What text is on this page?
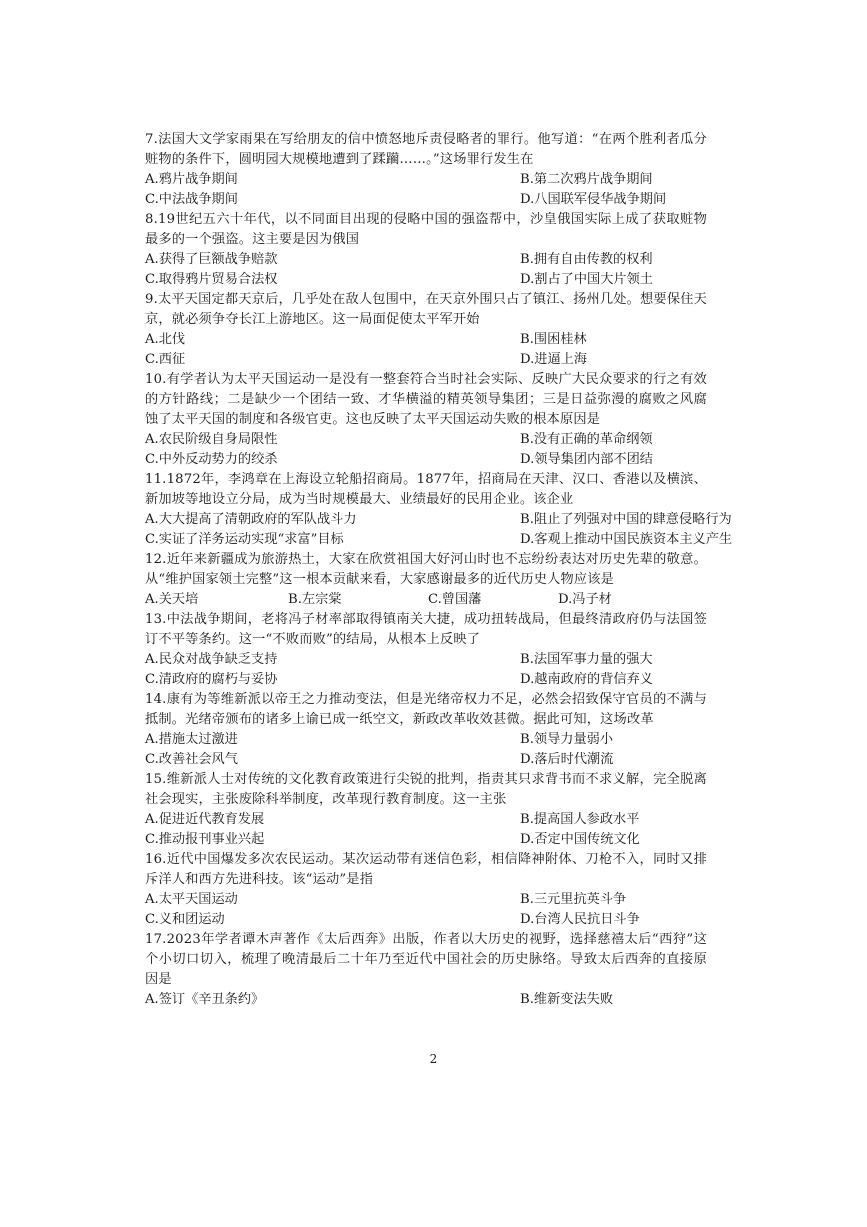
7.法国大文学家雨果在写给朋友的信中愤怒地斥责侵略者的罪行。他写道：“在两个胜利者瓜分赃物的条件下，圆明园大规模地遭到了蹂躏……。”这场罪行发生在

A.鸦片战争期间	B.第二次鸦片战争期间
C.中法战争期间	D.八国联军侵华战争期间

8.19世纪五六十年代，以不同面目出现的侵略中国的强盗帮中，沙皇俄国实际上成了获取赃物最多的一个强盗。这主要是因为俄国

A.获得了巨额战争赔款	B.拥有自由传教的权利
C.取得鸦片贸易合法权	D.割占了中国大片领土

9.太平天国定都天京后，几乎处在敌人包围中，在天京外围只占了镇江、扬州几处。想要保住天京，就必须争夺长江上游地区。这一局面促使太平军开始

A.北伐	B.围困桂林
C.西征	D.进逼上海

10.有学者认为太平天国运动一是没有一整套符合当时社会实际、反映广大民众要求的行之有效的方针路线；二是缺少一个团结一致、才华横溢的精英领导集团；三是日益弥漫的腐败之风腐蚀了太平天国的制度和各级官吏。这也反映了太平天国运动失败的根本原因是

A.农民阶级自身局限性	B.没有正确的革命纲领
C.中外反动势力的绞杀	D.领导集团内部不团结

11.1872年，李鸿章在上海设立轮船招商局。1877年，招商局在天津、汉口、香港以及横滨、新加坡等地设立分局，成为当时规模最大、业绩最好的民用企业。该企业

A.大大提高了清朝政府的军队战斗力	B.阻止了列强对中国的肆意侵略行为
C.实证了洋务运动实现“求富”目标	D.客观上推动中国民族资本主义产生

12.近年来新疆成为旅游热土，大家在欣赏祖国大好河山时也不忘纷纷表达对历史先辈的敬意。从“维护国家领土完整”这一根本贡献来看，大家感谢最多的近代历史人物应该是

A.关天培	B.左宗棠	C.曾国藩	D.冯子材

13.中法战争期间，老将冯子材率部取得镇南关大捷，成功扭转战局，但最终清政府仍与法国签订不平等条约。这一“不败而败”的结局，从根本上反映了

A.民众对战争缺乏支持	B.法国军事力量的强大
C.清政府的腐朽与妥协	D.越南政府的背信弃义

14.康有为等维新派以帝王之力推动变法，但是光绪帝权力不足，必然会招致保守官员的不满与抵制。光绪帝颁布的诸多上谕已成一纸空文，新政改革收效甚微。据此可知，这场改革

A.措施太过激进	B.领导力量弱小
C.改善社会风气	D.落后时代潮流

15.维新派人士对传统的文化教育政策进行尖锐的批判，指责其只求背书而不求义解，完全脱离社会现实，主张废除科举制度，改革现行教育制度。这一主张

A.促进近代教育发展	B.提高国人参政水平
C.推动报刊事业兴起	D.否定中国传统文化

16.近代中国爆发多次农民运动。某次运动带有迷信色彩，相信降神附体、刀枪不入，同时又排斥洋人和西方先进科技。该“运动”是指

A.太平天国运动	B.三元里抗英斗争
C.义和团运动	D.台湾人民抗日斗争

17.2023年学者谭木声著作《太后西奔》出版，作者以大历史的视野，选择慈禧太后“西狩”这个小切口切入，梳理了晚清最后二十年乃至近代中国社会的历史脉络。导致太后西奔的直接原因是

A.签订《辛丑条约》	B.维新变法失败
2
